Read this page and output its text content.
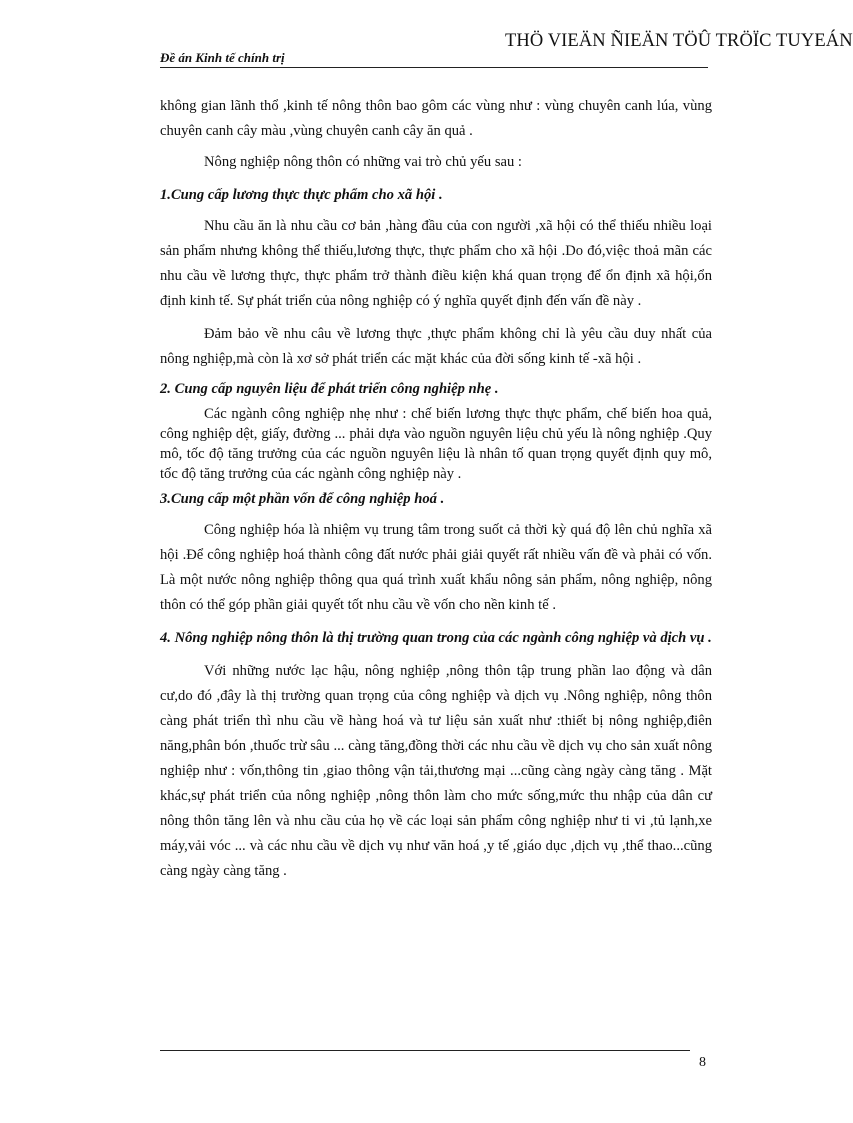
Đề án Kinh tế chính trị
THÖ VIEÄN ÑIEÄN TÖÛ TRÖÏC TUYEÁN

không gian lãnh thổ ,kinh tế nông thôn bao gôm các vùng như : vùng chuyên canh lúa, vùng chuyên canh cây màu ,vùng chuyên canh cây ăn quả .

Nông nghiệp nông thôn có những vai trò chủ yếu sau :

1.Cung cấp lương thực thực phẩm cho xã hội .

Nhu cầu ăn là nhu cầu cơ bản ,hàng đầu của con người ,xã hội có thể thiếu nhiều loại sản phẩm nhưng không thể thiếu,lương thực, thực phẩm cho xã hội .Do đó,việc thoả mãn các nhu cầu về lương thực, thực phẩm trở thành điều kiện khá quan trọng để ổn định xã hội,ổn định kinh tế. Sự phát triển của nông nghiệp có ý nghĩa quyết định đến vấn đề này .

Đảm bảo về nhu câu về lương thực ,thực phẩm không chỉ là yêu cầu duy nhất của nông nghiệp,mà còn là xơ sở phát triển các mặt khác của đời sống kinh tế -xã hội .

2. Cung cấp nguyên liệu để phát triển công nghiệp nhẹ .

Các ngành công nghiệp nhẹ như : chế biến lương thực thực phẩm, chế biến hoa quả, công nghiệp dệt, giấy, đường ... phải dựa vào nguồn nguyên liệu chủ yếu là nông nghiệp .Quy mô, tốc độ tăng trưởng của các nguồn nguyên liệu là nhân tố quan trọng quyết định quy mô, tốc độ tăng trưởng của các ngành công nghiệp này .

3.Cung cấp một phần vốn để công nghiệp hoá .

Công nghiệp hóa là nhiệm vụ trung tâm trong suốt cả thời kỳ quá độ lên chủ nghĩa xã hội .Để công nghiệp hoá thành công đất nước phải giải quyết rất nhiều vấn đề và phải có vốn. Là một nước nông nghiệp thông qua quá trình xuất khẩu nông sản phẩm, nông nghiệp, nông thôn có thể góp phần giải quyết tốt nhu cầu về vốn cho nền kinh tế .

4. Nông nghiệp nông thôn là thị trường quan trong của các ngành công nghiệp và dịch vụ .

Với những nước lạc hậu, nông nghiệp ,nông thôn tập trung phần lao động và dân cư,do đó ,đây là thị trường quan trọng của công nghiệp và dịch vụ .Nông nghiệp, nông thôn càng phát triển thì nhu cầu về hàng hoá và tư liệu sản xuất như :thiết bị nông nghiệp,điên năng,phân bón ,thuốc trừ sâu ... càng tăng,đồng thời các nhu cầu về dịch vụ cho sản xuất nông nghiệp như : vốn,thông tin ,giao thông vận tải,thương mại ...cũng càng ngày càng tăng . Mặt khác,sự phát triển của nông nghiệp ,nông thôn làm cho mức sống,mức thu nhập của dân cư nông thôn tăng lên và nhu cầu của họ về các loại sản phẩm công nghiệp như ti vi ,tủ lạnh,xe máy,vải vóc ... và các nhu cầu về dịch vụ như văn hoá ,y tế ,giáo dục ,dịch vụ ,thể thao...cũng càng ngày càng tăng .

8
